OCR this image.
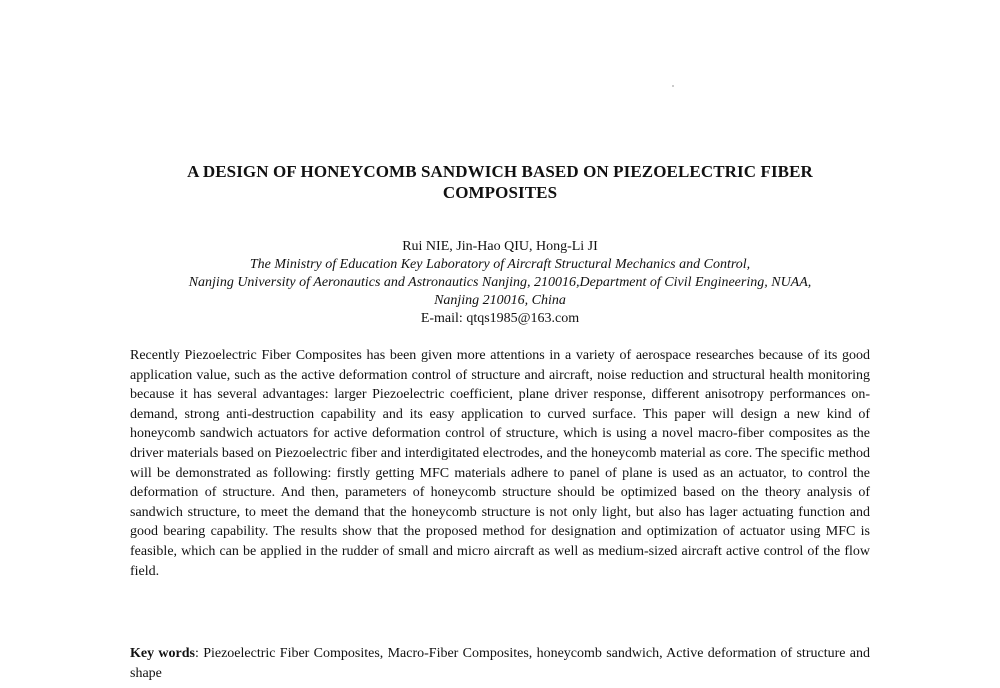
A DESIGN OF HONEYCOMB SANDWICH BASED ON PIEZOELECTRIC FIBER COMPOSITES
Rui NIE, Jin-Hao QIU, Hong-Li JI
The Ministry of Education Key Laboratory of Aircraft Structural Mechanics and Control,
Nanjing University of Aeronautics and Astronautics Nanjing, 210016,Department of Civil Engineering, NUAA,
Nanjing 210016, China
E-mail: qtqs1985@163.com
Recently Piezoelectric Fiber Composites has been given more attentions in a variety of aerospace researches because of its good application value, such as the active deformation control of structure and aircraft, noise reduction and structural health monitoring because it has several advantages: larger Piezoelectric coefficient, plane driver response, different anisotropy performances on-demand, strong anti-destruction capability and its easy application to curved surface. This paper will design a new kind of honeycomb sandwich actuators for active deformation control of structure, which is using a novel macro-fiber composites as the driver materials based on Piezoelectric fiber and interdigitated electrodes, and the honeycomb material as core. The specific method will be demonstrated as following: firstly getting MFC materials adhere to panel of plane is used as an actuator, to control the deformation of structure. And then, parameters of honeycomb structure should be optimized based on the theory analysis of sandwich structure, to meet the demand that the honeycomb structure is not only light, but also has lager actuating function and good bearing capability. The results show that the proposed method for designation and optimization of actuator using MFC is feasible, which can be applied in the rudder of small and micro aircraft as well as medium-sized aircraft active control of the flow field.
Key words: Piezoelectric Fiber Composites, Macro-Fiber Composites, honeycomb sandwich, Active deformation of structure and shape
